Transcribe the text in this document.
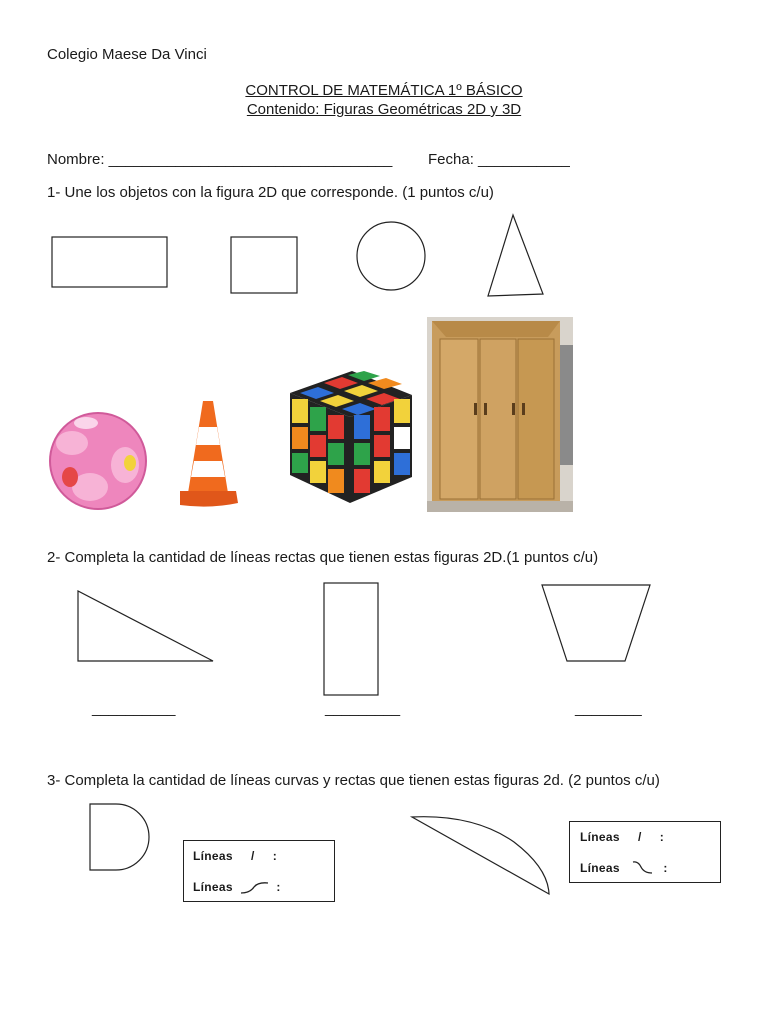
Colegio Maese Da Vinci
CONTROL DE MATEMÁTICA 1º BÁSICO
Contenido: Figuras Geométricas 2D y 3D
Nombre: __________________________________ Fecha: ___________
1- Une los objetos con la figura 2D que corresponde. (1 puntos c/u)
2- Completa la cantidad de líneas rectas que tienen estas figuras 2D.(1 puntos c/u)
__________	_________	________
3- Completa la cantidad de líneas curvas y rectas que tienen estas figuras 2d. (2 puntos c/u)
Líneas     /     :
Líneas            :
Líneas     /     :
Líneas            :
